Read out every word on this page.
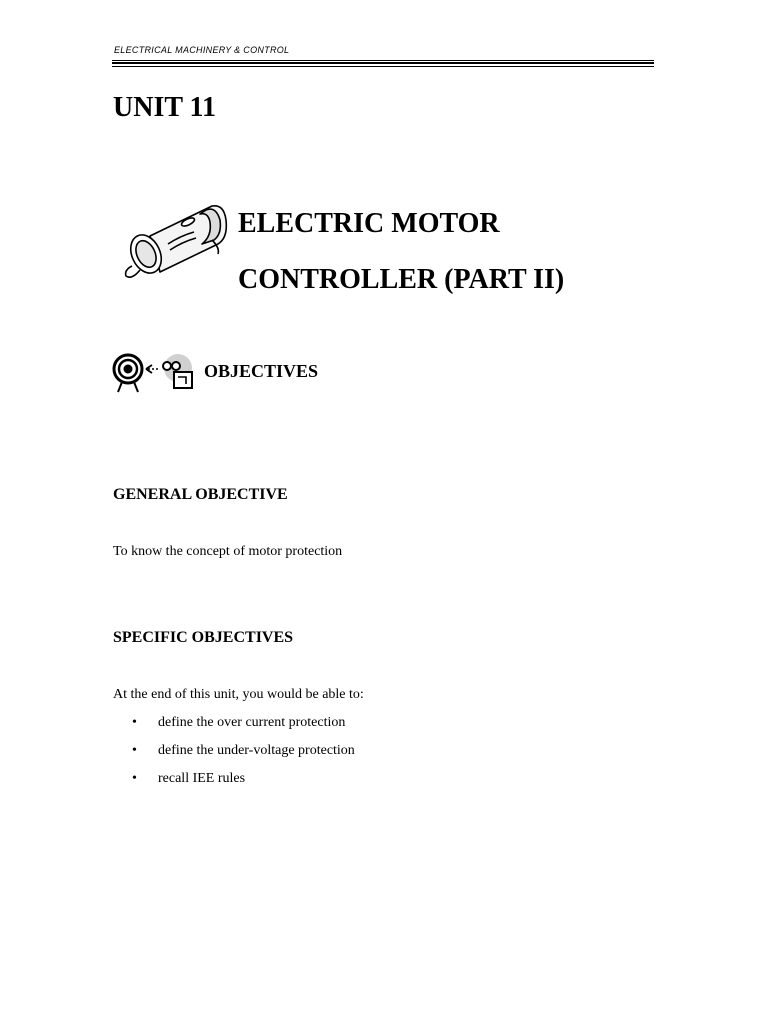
ELECTRICAL MACHINERY & CONTROL
UNIT 11
ELECTRIC MOTOR
CONTROLLER (PART II)
OBJECTIVES
GENERAL OBJECTIVE

To know the concept of motor protection

SPECIFIC OBJECTIVES

At the end of this unit, you would be able to:

• define the over current protection
• define the under-voltage protection
• recall IEE rules
